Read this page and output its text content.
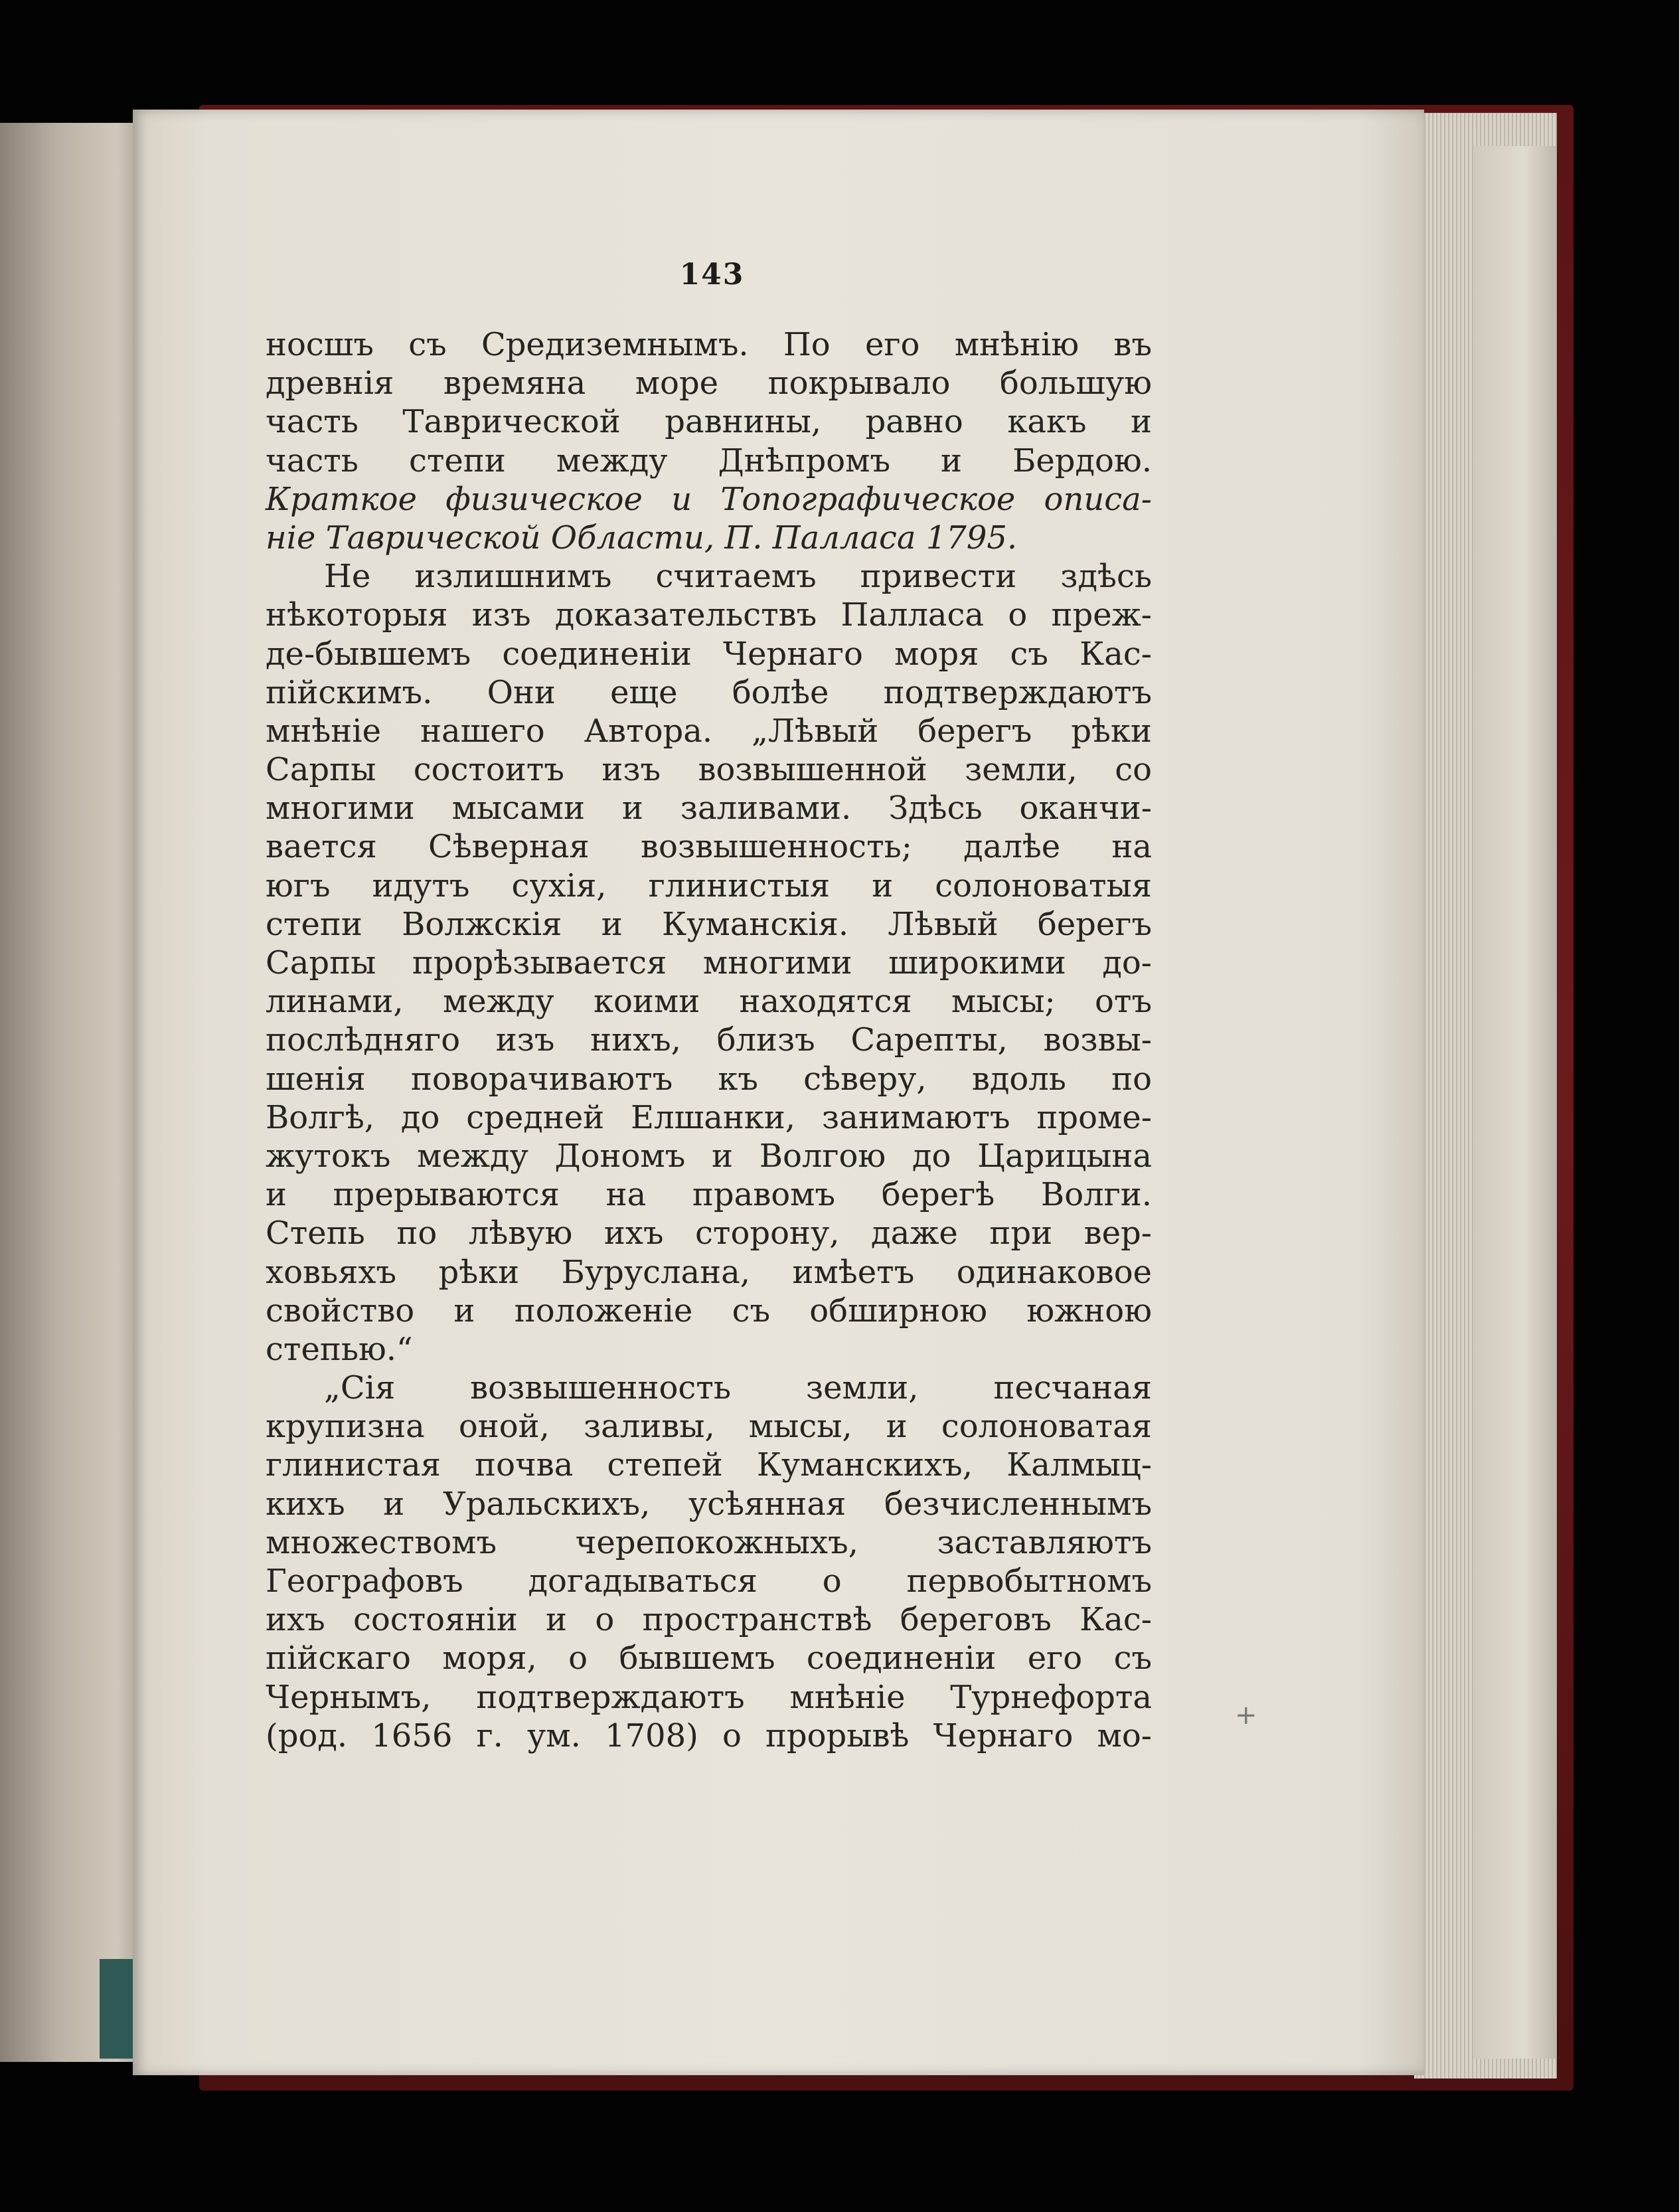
143
носшъ съ Средиземнымъ. По его мнѣнію въ
древнія времяна море покрывало большую
часть Таврической равнины, равно какъ и
часть степи между Днѣпромъ и Бердою.
Краткое физическое и Топографическое описа-
ніе Таврической Области, П. Палласа 1795.
Не излишнимъ считаемъ привести здѣсь
нѣкоторыя изъ доказательствъ Палласа о преж-
де-бывшемъ соединеніи Чернаго моря съ Кас-
пійскимъ. Они еще болѣе подтверждаютъ
мнѣніе нашего Автора. „Лѣвый берегъ рѣки
Сарпы состоитъ изъ возвышенной земли, со
многими мысами и заливами. Здѣсь оканчи-
вается Сѣверная возвышенность; далѣе на
югъ идутъ сухія, глинистыя и солоноватыя
степи Волжскія и Куманскія. Лѣвый берегъ
Сарпы прорѣзывается многими широкими до-
линами, между коими находятся мысы; отъ
послѣдняго изъ нихъ, близъ Сарепты, возвы-
шенія поворачиваютъ къ сѣверу, вдоль по
Волгѣ, до средней Елшанки, занимаютъ проме-
жутокъ между Дономъ и Волгою до Царицына
и прерываются на правомъ берегѣ Волги.
Степь по лѣвую ихъ сторону, даже при вер-
ховьяхъ рѣки Буруслана, имѣетъ одинаковое
свойство и положеніе съ обширною южною
степью.“
„Сія возвышенность земли, песчаная
крупизна оной, заливы, мысы, и солоноватая
глинистая почва степей Куманскихъ, Калмыц-
кихъ и Уральскихъ, усѣянная безчисленнымъ
множествомъ черепокожныхъ, заставляютъ
Географовъ догадываться о первобытномъ
ихъ состояніи и о пространствѣ береговъ Кас-
пійскаго моря, о бывшемъ соединеніи его съ
Чернымъ, подтверждаютъ мнѣніе Турнефорта
(род. 1656 г. ум. 1708) о прорывѣ Чернаго мо-
+
